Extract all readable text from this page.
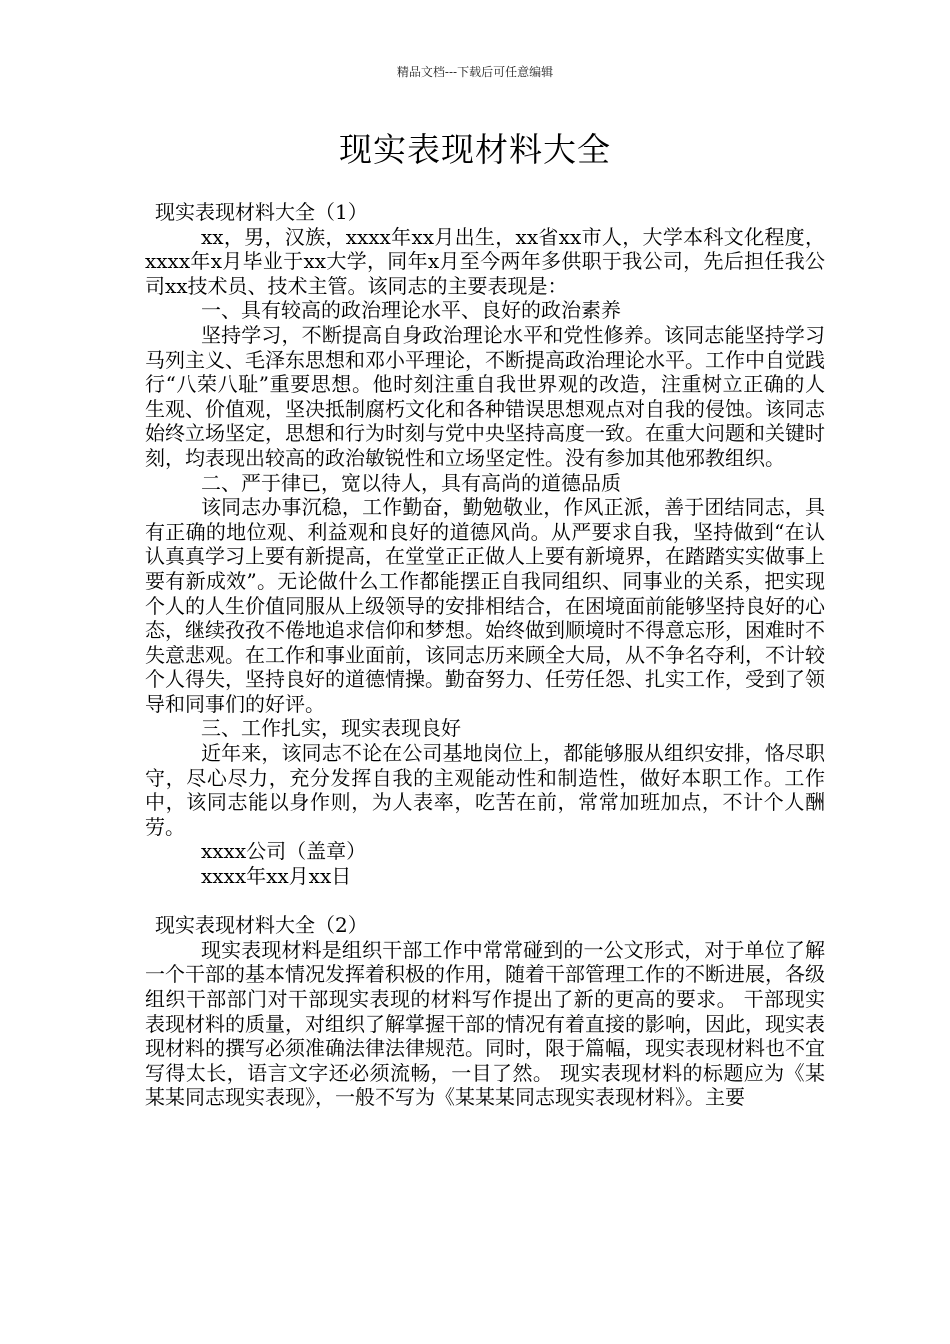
精品文档---下载后可任意编辑
现实表现材料大全

现实表现材料大全（1）

xx，男，汉族，xxxx年xx月出生，xx省xx市人，大学本科文化程度，xxxx年x月毕业于xx大学，同年x月至今两年多供职于我公司，先后担任我公司xx技术员、技术主管。该同志的主要表现是：

一、具有较高的政治理论水平、良好的政治素养

坚持学习，不断提高自身政治理论水平和党性修养。该同志能坚持学习马列主义、毛泽东思想和邓小平理论，不断提高政治理论水平。工作中自觉践行“八荣八耻”重要思想。他时刻注重自我世界观的改造，注重树立正确的人生观、价值观，坚决抵制腐朽文化和各种错误思想观点对自我的侵蚀。该同志始终立场坚定，思想和行为时刻与党中央坚持高度一致。在重大问题和关键时刻，均表现出较高的政治敏锐性和立场坚定性。没有参加其他邪教组织。

二、严于律已，宽以待人，具有高尚的道德品质

该同志办事沉稳，工作勤奋，勤勉敬业，作风正派，善于团结同志，具有正确的地位观、利益观和良好的道德风尚。从严要求自我，坚持做到“在认认真真学习上要有新提高，在堂堂正正做人上要有新境界，在踏踏实实做事上要有新成效”。无论做什么工作都能摆正自我同组织、同事业的关系，把实现个人的人生价值同服从上级领导的安排相结合，在困境面前能够坚持良好的心态，继续孜孜不倦地追求信仰和梦想。始终做到顺境时不得意忘形，困难时不失意悲观。在工作和事业面前，该同志历来顾全大局，从不争名夺利，不计较个人得失，坚持良好的道德情操。勤奋努力、任劳任怨、扎实工作，受到了领导和同事们的好评。

三、工作扎实，现实表现良好

近年来，该同志不论在公司基地岗位上，都能够服从组织安排，恪尽职守，尽心尽力，充分发挥自我的主观能动性和制造性，做好本职工作。工作中，该同志能以身作则，为人表率，吃苦在前，常常加班加点，不计个人酬劳。

xxxx公司（盖章）

xxxx年xx月xx日

现实表现材料大全（2）

现实表现材料是组织干部工作中常常碰到的一公文形式，对于单位了解一个干部的基本情况发挥着积极的作用，随着干部管理工作的不断进展，各级组织干部部门对干部现实表现的材料写作提出了新的更高的要求。 干部现实表现材料的质量，对组织了解掌握干部的情况有着直接的影响，因此，现实表现材料的撰写必须准确法律法律规范。同时，限于篇幅，现实表现材料也不宜写得太长，语言文字还必须流畅，一目了然。 现实表现材料的标题应为《某某某同志现实表现》，一般不写为《某某某同志现实表现材料》。主要
